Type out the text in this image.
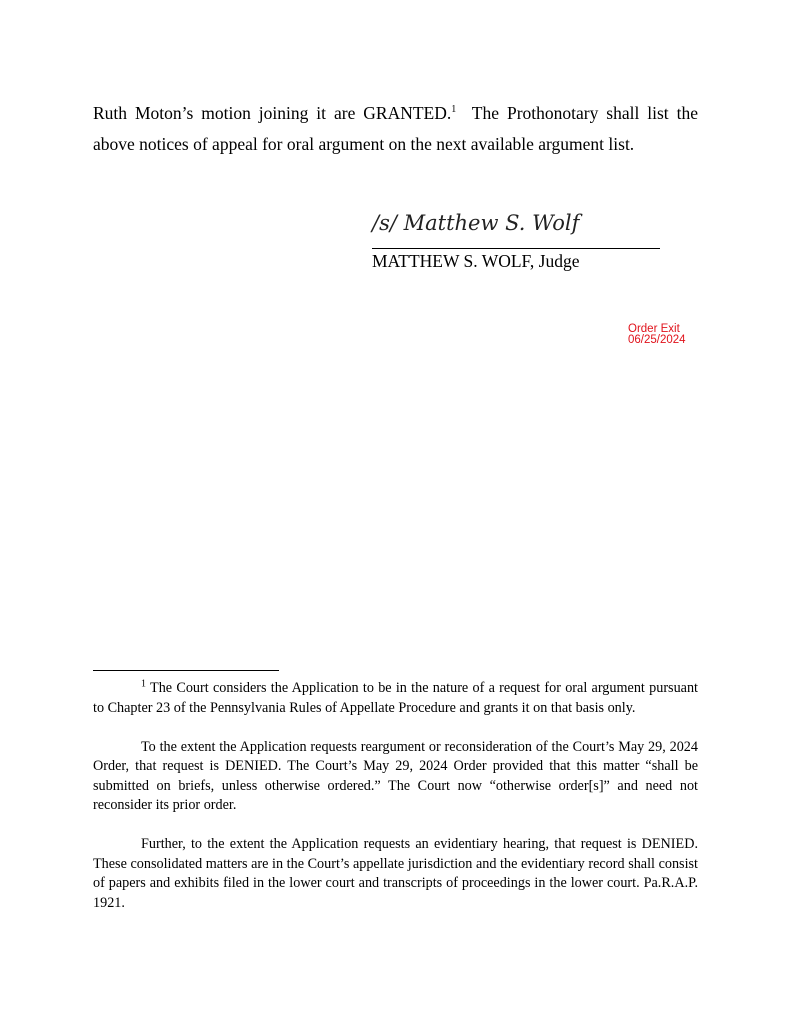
Ruth Moton’s motion joining it are GRANTED.$^1$  The Prothonotary shall list the
above notices of appeal for oral argument on the next available argument list.
/s/ Matthew S. Wolf
MATTHEW S. WOLF, Judge
Order Exit
06/25/2024

$^1$ The Court considers the Application to be in the nature of a request for oral argument pursuant to Chapter 23 of the Pennsylvania Rules of Appellate Procedure and grants it on that basis only.

To the extent the Application requests reargument or reconsideration of the Court’s May 29, 2024 Order, that request is DENIED. The Court’s May 29, 2024 Order provided that this matter “shall be submitted on briefs, unless otherwise ordered.” The Court now “otherwise order[s]” and need not reconsider its prior order.

Further, to the extent the Application requests an evidentiary hearing, that request is DENIED. These consolidated matters are in the Court’s appellate jurisdiction and the evidentiary record shall consist of papers and exhibits filed in the lower court and transcripts of proceedings in the lower court. Pa.R.A.P. 1921.
